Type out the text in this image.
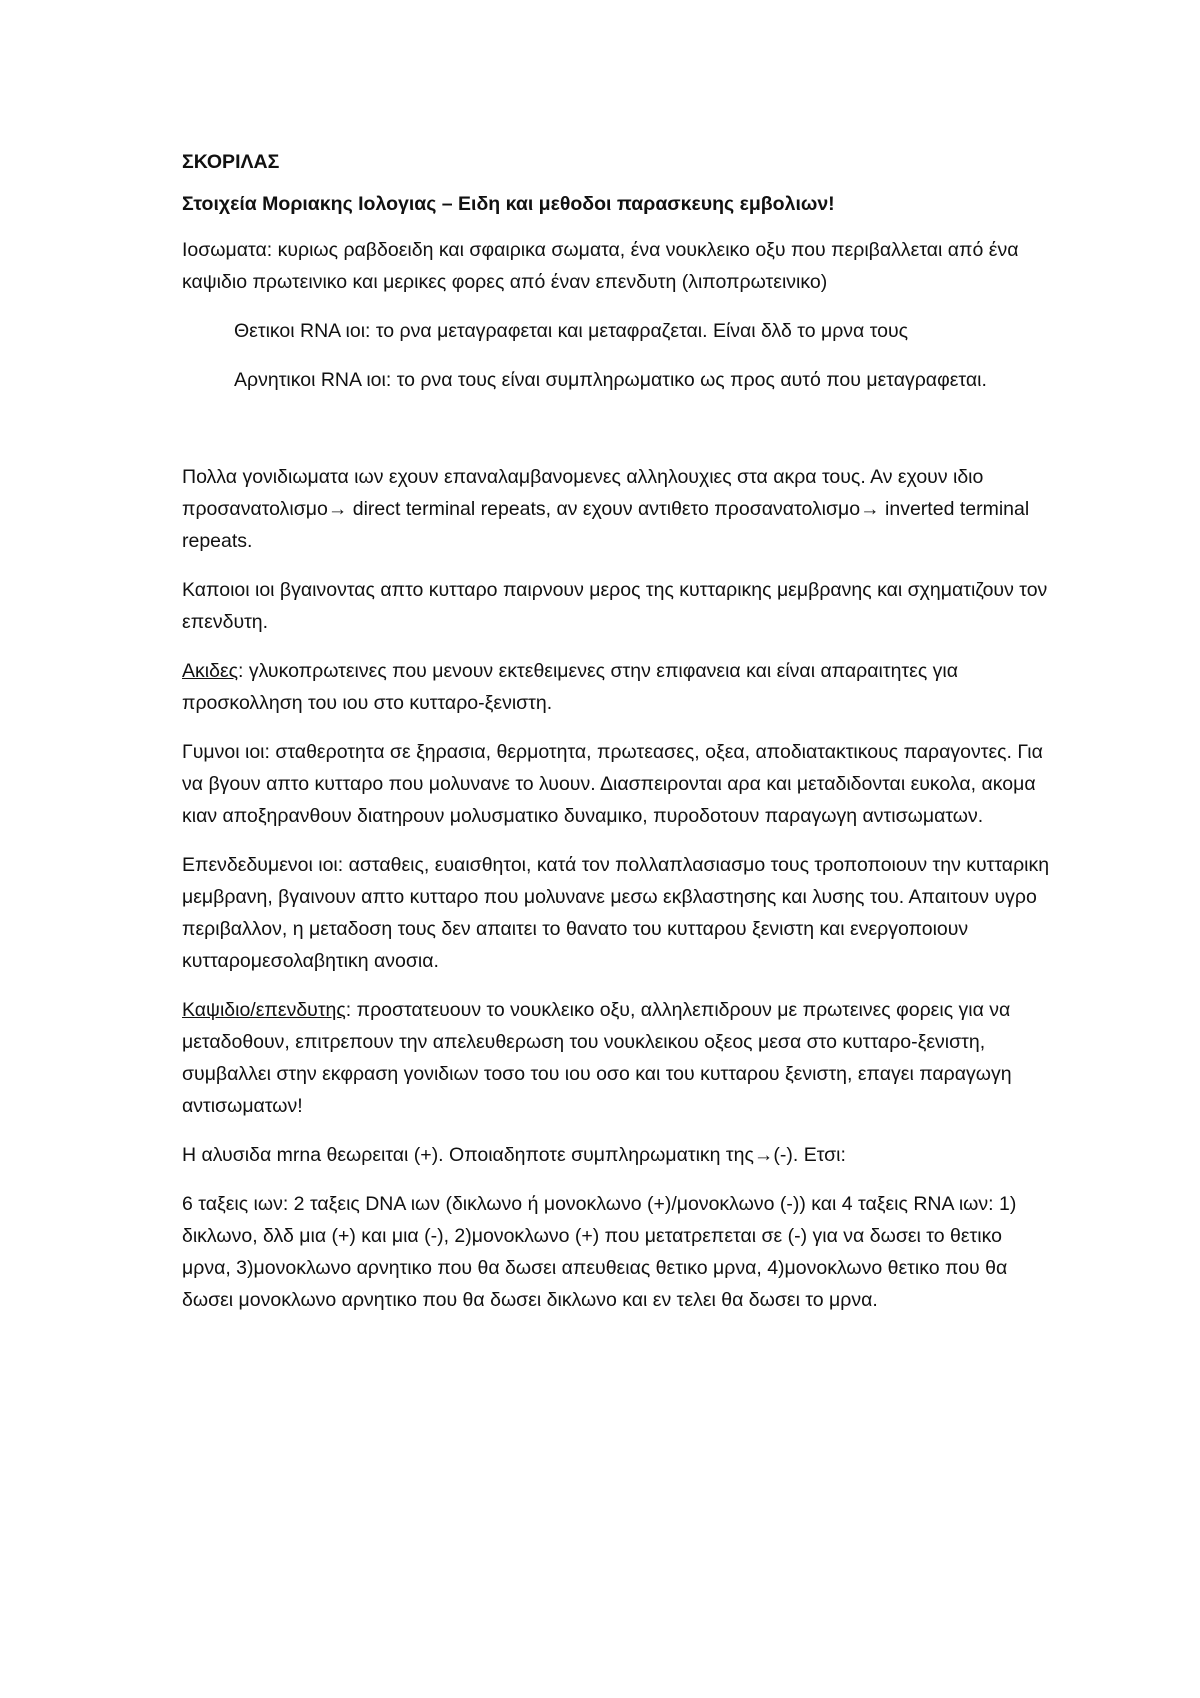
ΣΚΟΡΙΛΑΣ

Στοιχεία Μοριακης Ιολογιας – Ειδη και μεθοδοι παρασκευης εμβολιων!

Ιοσωματα: κυριως ραβδοειδη και σφαιρικα σωματα, ένα νουκλεικο οξυ που περιβαλλεται από ένα καψιδιο πρωτεινικο και μερικες φορες από έναν επενδυτη (λιποπρωτεινικο)

Θετικοι RNA ιοι: το ρνα μεταγραφεται και μεταφραζεται. Είναι δλδ το μρνα τους

Αρνητικοι RNA ιοι: το ρνα τους είναι συμπληρωματικο ως προς αυτό που μεταγραφεται.

Πολλα γονιδιωματα ιων εχουν επαναλαμβανομενες αλληλουχιες στα ακρα τους. Αν εχουν ιδιο προσανατολισμο→ direct terminal repeats, αν εχουν αντιθετο προσανατολισμο→ inverted terminal repeats.

Καποιοι ιοι βγαινοντας απτο κυτταρο παιρνουν μερος της κυτταρικης μεμβρανης και σχηματιζουν τον επενδυτη.

Ακιδες: γλυκοπρωτεινες που μενουν εκτεθειμενες στην επιφανεια και είναι απαραιτητες για προσκολληση του ιου στο κυτταρο-ξενιστη.

Γυμνοι ιοι: σταθεροτητα σε ξηρασια, θερμοτητα, πρωτεασες, οξεα, αποδιατακτικους παραγοντες. Για να βγουν απτο κυτταρο που μολυνανε το λυουν. Διασπειρονται αρα και μεταδιδονται ευκολα, ακομα κιαν αποξηρανθουν διατηρουν μολυσματικο δυναμικο, πυροδοτουν παραγωγη αντισωματων.

Επενδεδυμενοι ιοι: ασταθεις, ευαισθητοι, κατά τον πολλαπλασιασμο τους τροποποιουν την κυτταρικη μεμβρανη, βγαινουν απτο κυτταρο που μολυνανε μεσω εκβλαστησης και λυσης του. Απαιτουν υγρο περιβαλλον, η μεταδοση τους δεν απαιτει το θανατο του κυτταρου ξενιστη και ενεργοποιουν κυτταρομεσολαβητικη ανοσια.

Καψιδιο/επενδυτης: προστατευουν το νουκλεικο οξυ, αλληλεπιδρουν με πρωτεινες φορεις για να μεταδοθουν, επιτρεπουν την απελευθερωση του νουκλεικου οξεος μεσα στο κυτταρο-ξενιστη, συμβαλλει στην εκφραση γονιδιων τοσο του ιου οσο και του κυτταρου ξενιστη, επαγει παραγωγη αντισωματων!

Η αλυσιδα mrna θεωρειται (+). Οποιαδηποτε συμπληρωματικη της→(-). Ετσι:

6 ταξεις ιων: 2 ταξεις DNA ιων (δικλωνο ή μονοκλωνο (+)/μονοκλωνο (-)) και 4 ταξεις RNA ιων: 1) δικλωνο, δλδ μια (+) και μια (-), 2)μονοκλωνο (+) που μετατρεπεται σε (-) για να δωσει το θετικο μρνα, 3)μονοκλωνο αρνητικο που θα δωσει απευθειας θετικο μρνα, 4)μονοκλωνο θετικο που θα δωσει μονοκλωνο αρνητικο που θα δωσει δικλωνο και εν τελει θα δωσει το μρνα.
